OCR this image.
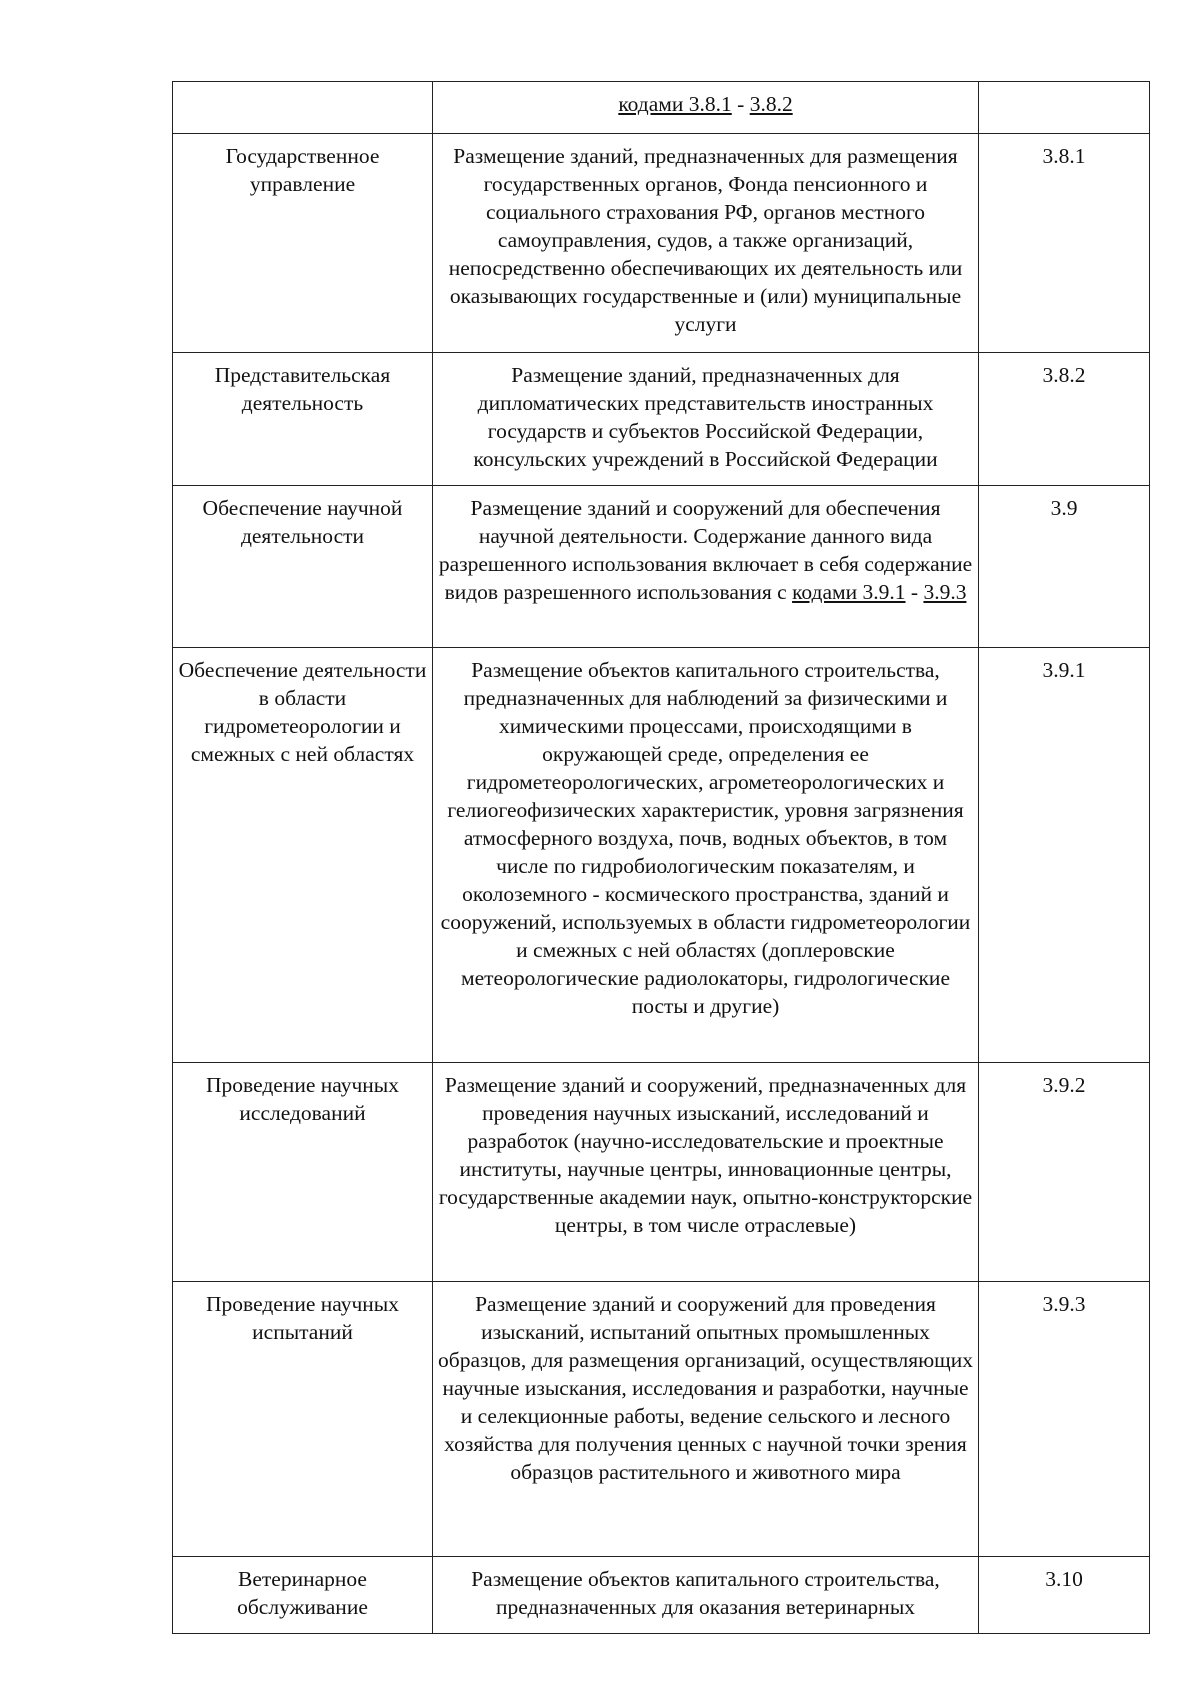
	кодами 3.8.1 - 3.8.2	
Государственное управление	Размещение зданий, предназначенных для размещения государственных органов, Фонда пенсионного и социального страхования РФ, органов местного самоуправления, судов, а также организаций, непосредственно обеспечивающих их деятельность или оказывающих государственные и (или) муниципальные услуги	3.8.1
Представительская деятельность	Размещение зданий, предназначенных для дипломатических представительств иностранных государств и субъектов Российской Федерации, консульских учреждений в Российской Федерации	3.8.2
Обеспечение научной деятельности	Размещение зданий и сооружений для обеспечения научной деятельности. Содержание данного вида разрешенного использования включает в себя содержание видов разрешенного использования с кодами 3.9.1 - 3.9.3	3.9
Обеспечение деятельности в области гидрометеорологии и смежных с ней областях	Размещение объектов капитального строительства, предназначенных для наблюдений за физическими и химическими процессами, происходящими в окружающей среде, определения ее гидрометеорологических, агрометеорологических и гелиогеофизических характеристик, уровня загрязнения атмосферного воздуха, почв, водных объектов, в том числе по гидробиологическим показателям, и околоземного - космического пространства, зданий и сооружений, используемых в области гидрометеорологии и смежных с ней областях (доплеровские метеорологические радиолокаторы, гидрологические посты и другие)	3.9.1
Проведение научных исследований	Размещение зданий и сооружений, предназначенных для проведения научных изысканий, исследований и разработок (научно-исследовательские и проектные институты, научные центры, инновационные центры, государственные академии наук, опытно-конструкторские центры, в том числе отраслевые)	3.9.2
Проведение научных испытаний	Размещение зданий и сооружений для проведения изысканий, испытаний опытных промышленных образцов, для размещения организаций, осуществляющих научные изыскания, исследования и разработки, научные и селекционные работы, ведение сельского и лесного хозяйства для получения ценных с научной точки зрения образцов растительного и животного мира	3.9.3
Ветеринарное обслуживание	Размещение объектов капитального строительства, предназначенных для оказания ветеринарных	3.10
